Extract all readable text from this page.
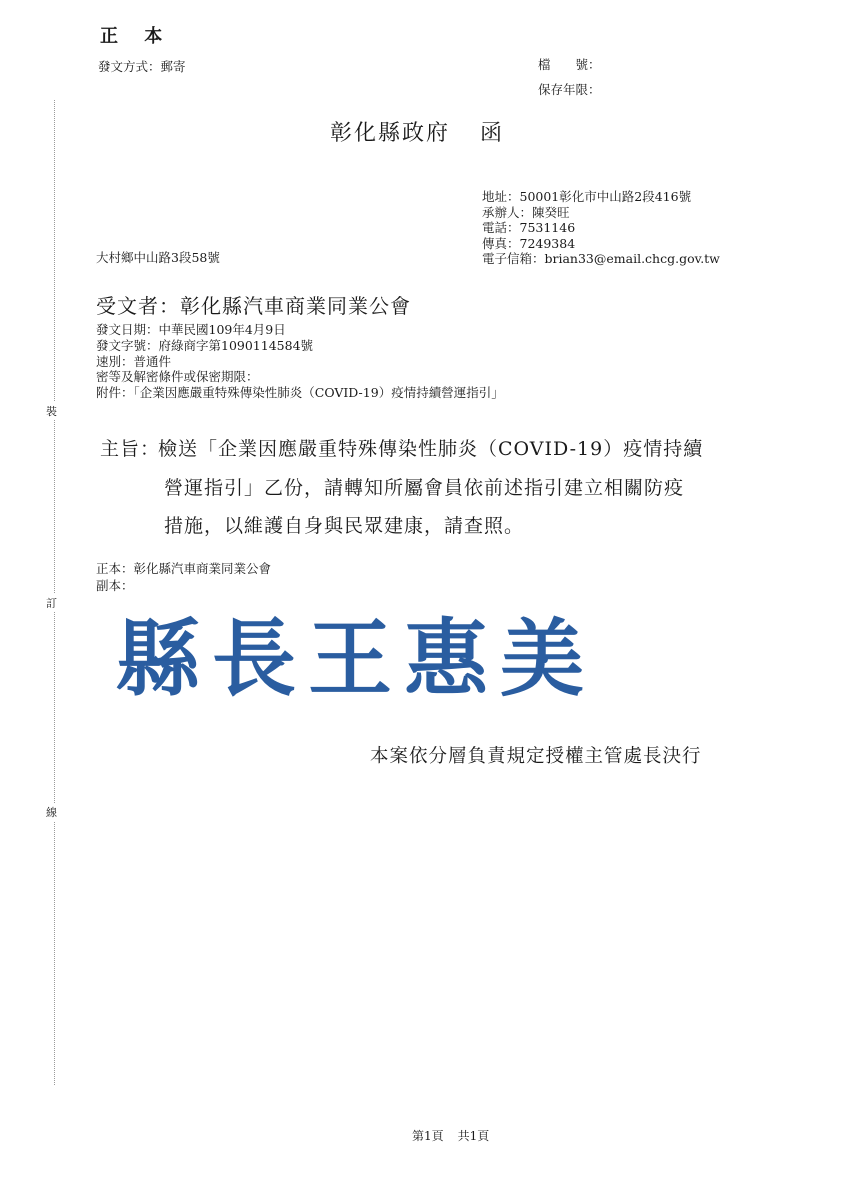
裝
訂
線
正 本
發文方式：郵寄	檔　　號：
保存年限：
彰化縣政府 函
地址：50001彰化市中山路2段416號
承辦人：陳癸旺
電話：7531146
傳真：7249384
電子信箱：brian33@email.chcg.gov.tw
大村鄉中山路3段58號
受文者：彰化縣汽車商業同業公會
發文日期：中華民國109年4月9日
發文字號：府綠商字第1090114584號
速別：普通件
密等及解密條件或保密期限：
附件：「企業因應嚴重特殊傳染性肺炎（COVID-19）疫情持續營運指引」
主旨：
檢送「企業因應嚴重特殊傳染性肺炎（COVID-19）疫情持續
營運指引」乙份，請轉知所屬會員依前述指引建立相關防疫
措施，以維護自身與民眾建康，請查照。
正本：彰化縣汽車商業同業公會
副本：
縣長王惠美
本案依分層負責規定授權主管處長決行
第1頁 共1頁
